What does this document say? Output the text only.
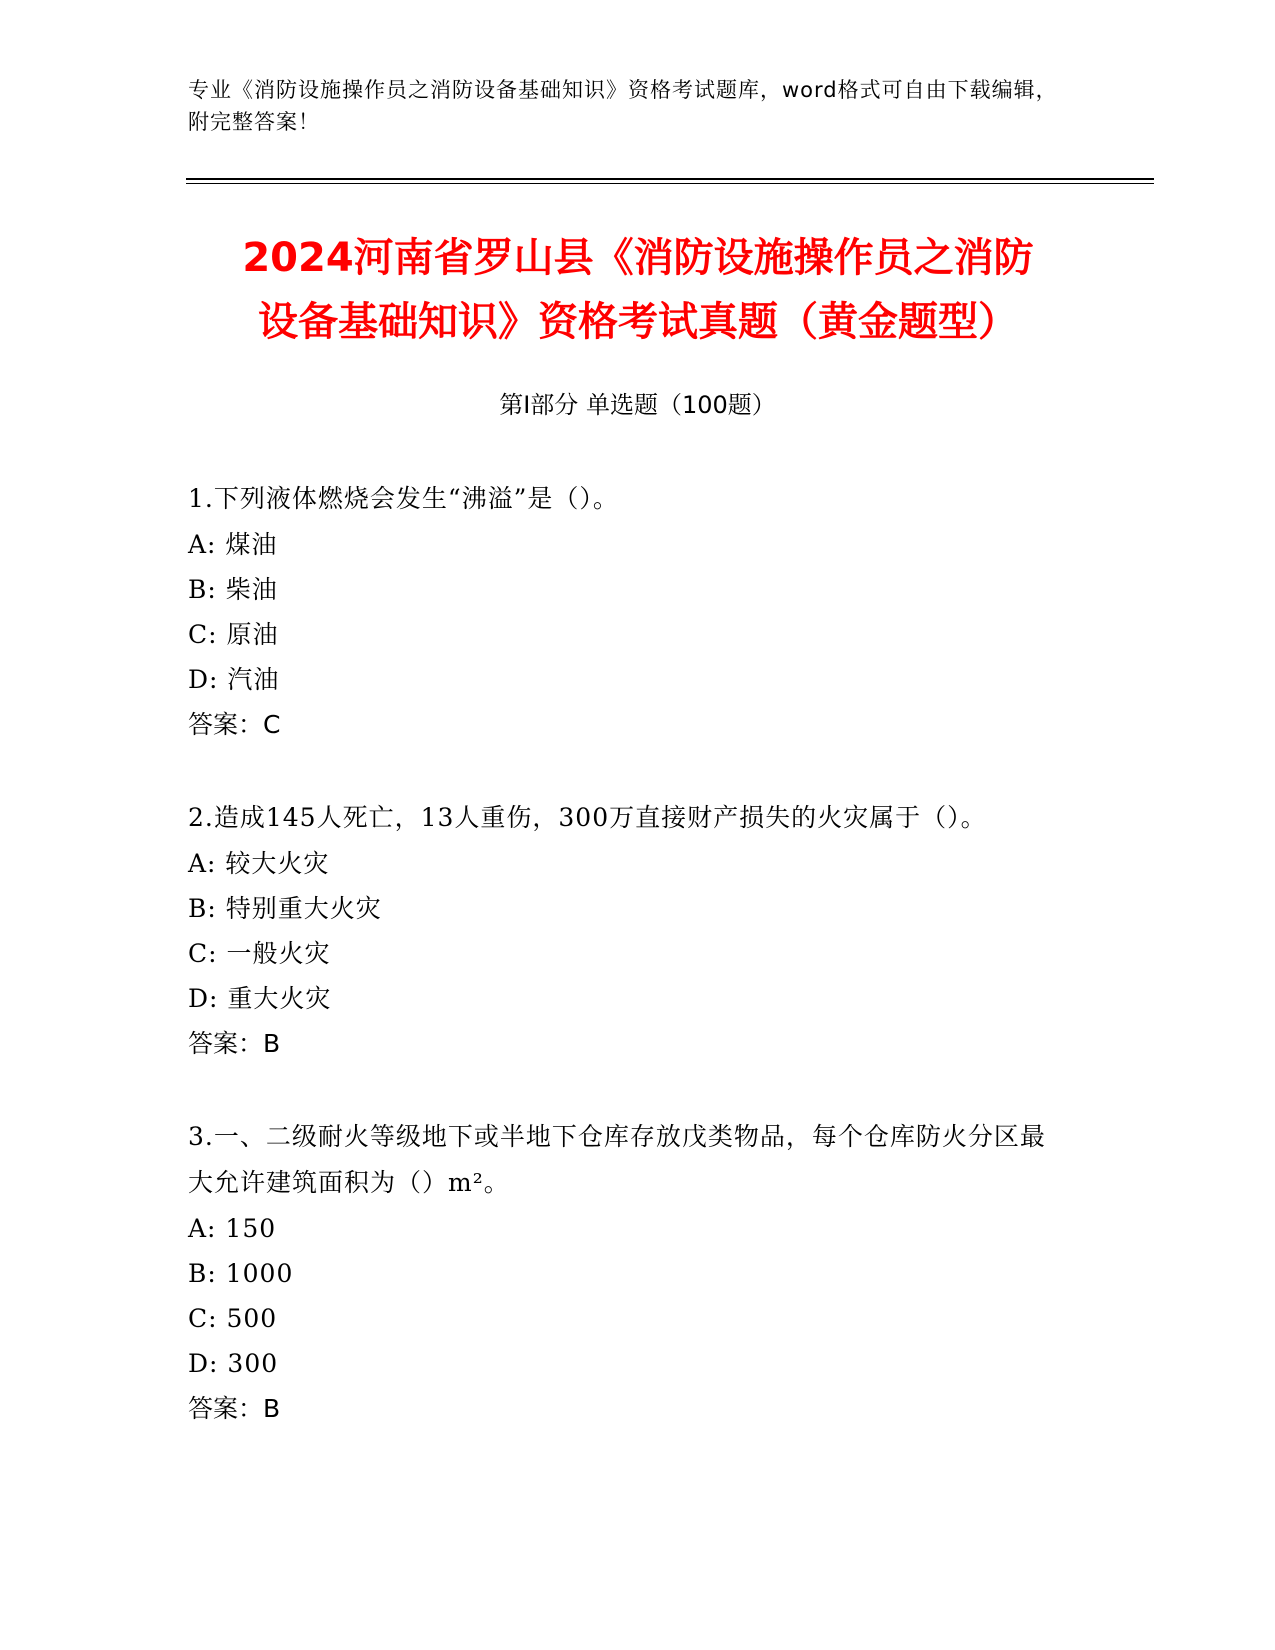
专业《消防设施操作员之消防设备基础知识》资格考试题库，word格式可自由下载编辑，附完整答案！
2024河南省罗山县《消防设施操作员之消防
设备基础知识》资格考试真题（黄金题型）
第Ⅰ部分 单选题（100题）
1.下列液体燃烧会发生“沸溢”是（）。
A: 煤油
B: 柴油
C: 原油
D: 汽油
答案：C
2.造成145人死亡，13人重伤，300万直接财产损失的火灾属于（）。
A: 较大火灾
B: 特别重大火灾
C: 一般火灾
D: 重大火灾
答案：B
3.一、二级耐火等级地下或半地下仓库存放戊类物品，每个仓库防火分区最大允许建筑面积为（）m²。
A: 150
B: 1000
C: 500
D: 300
答案：B
